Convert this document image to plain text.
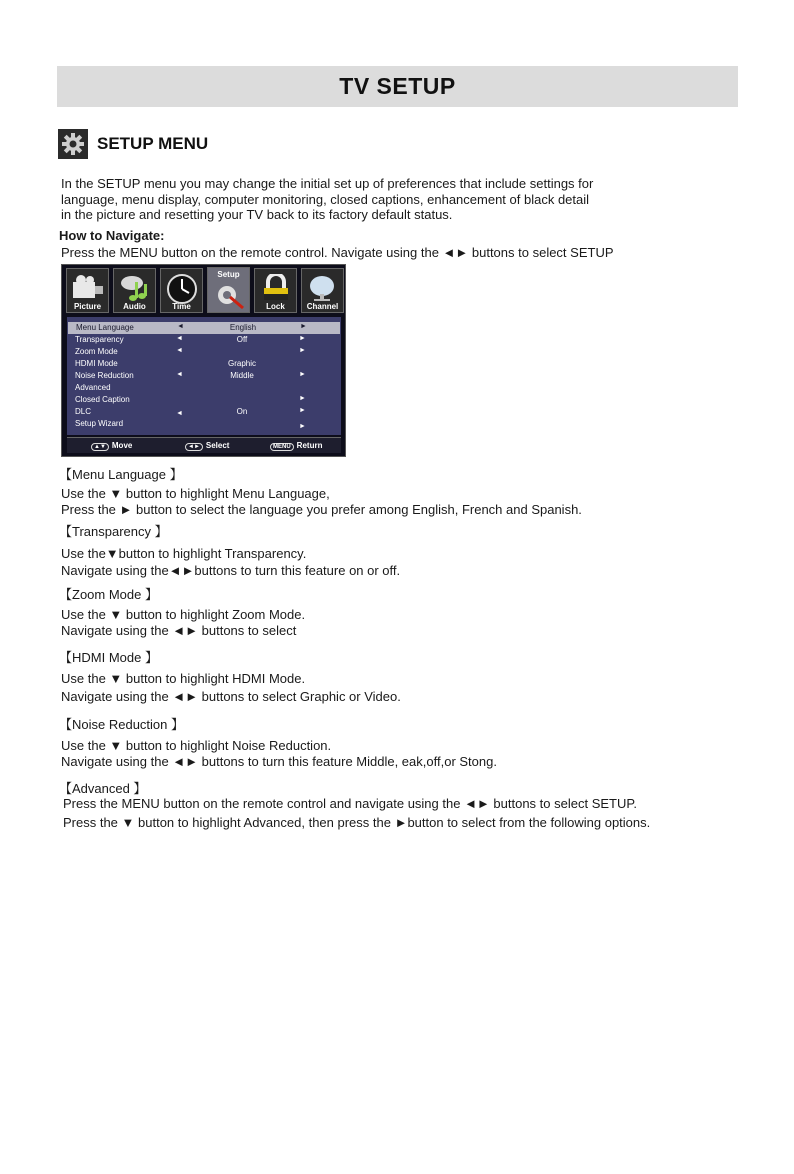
TV SETUP
SETUP MENU
In the SETUP menu you may change the initial set up of preferences that include settings for
language, menu display, computer monitoring, closed captions, enhancement of black detail
in the picture and resetting your TV back to its factory default status.
How to Navigate:
Press the MENU button on the remote control. Navigate using the ◄► buttons to select SETUP
Picture	Audio	Time
Setup
Lock	Channel
Menu Language	◄	English	►
Transparency	◄	Off	►
Zoom Mode	◄	►
HDMI Mode	Graphic
Noise Reduction	◄	Middle	►
Advanced
Closed Caption	►
DLC	◄	On	►
Setup Wizard	►
▲▼ Move	◄► Select	MENU Return
【Menu Language 】
Use the ▼ button to highlight Menu Language,
Press the ► button to select the language you prefer among English, French and Spanish.
【Transparency 】
Use the▼button to highlight Transparency.
Navigate using the◄►buttons to turn this feature on or off.
【Zoom Mode 】
Use the ▼ button to highlight Zoom Mode.
Navigate using the ◄► buttons to select
【HDMI Mode 】
Use the ▼ button to highlight HDMI Mode.
Navigate using the ◄► buttons to select Graphic or Video.
【Noise Reduction 】
Use the ▼ button to highlight Noise Reduction.
Navigate using the ◄► buttons to turn this feature Middle, eak,off,or Stong.
【Advanced 】
Press the MENU button on the remote control and navigate using the ◄► buttons to select SETUP.
Press the ▼ button to highlight Advanced, then press the ►button to select from the following options.
